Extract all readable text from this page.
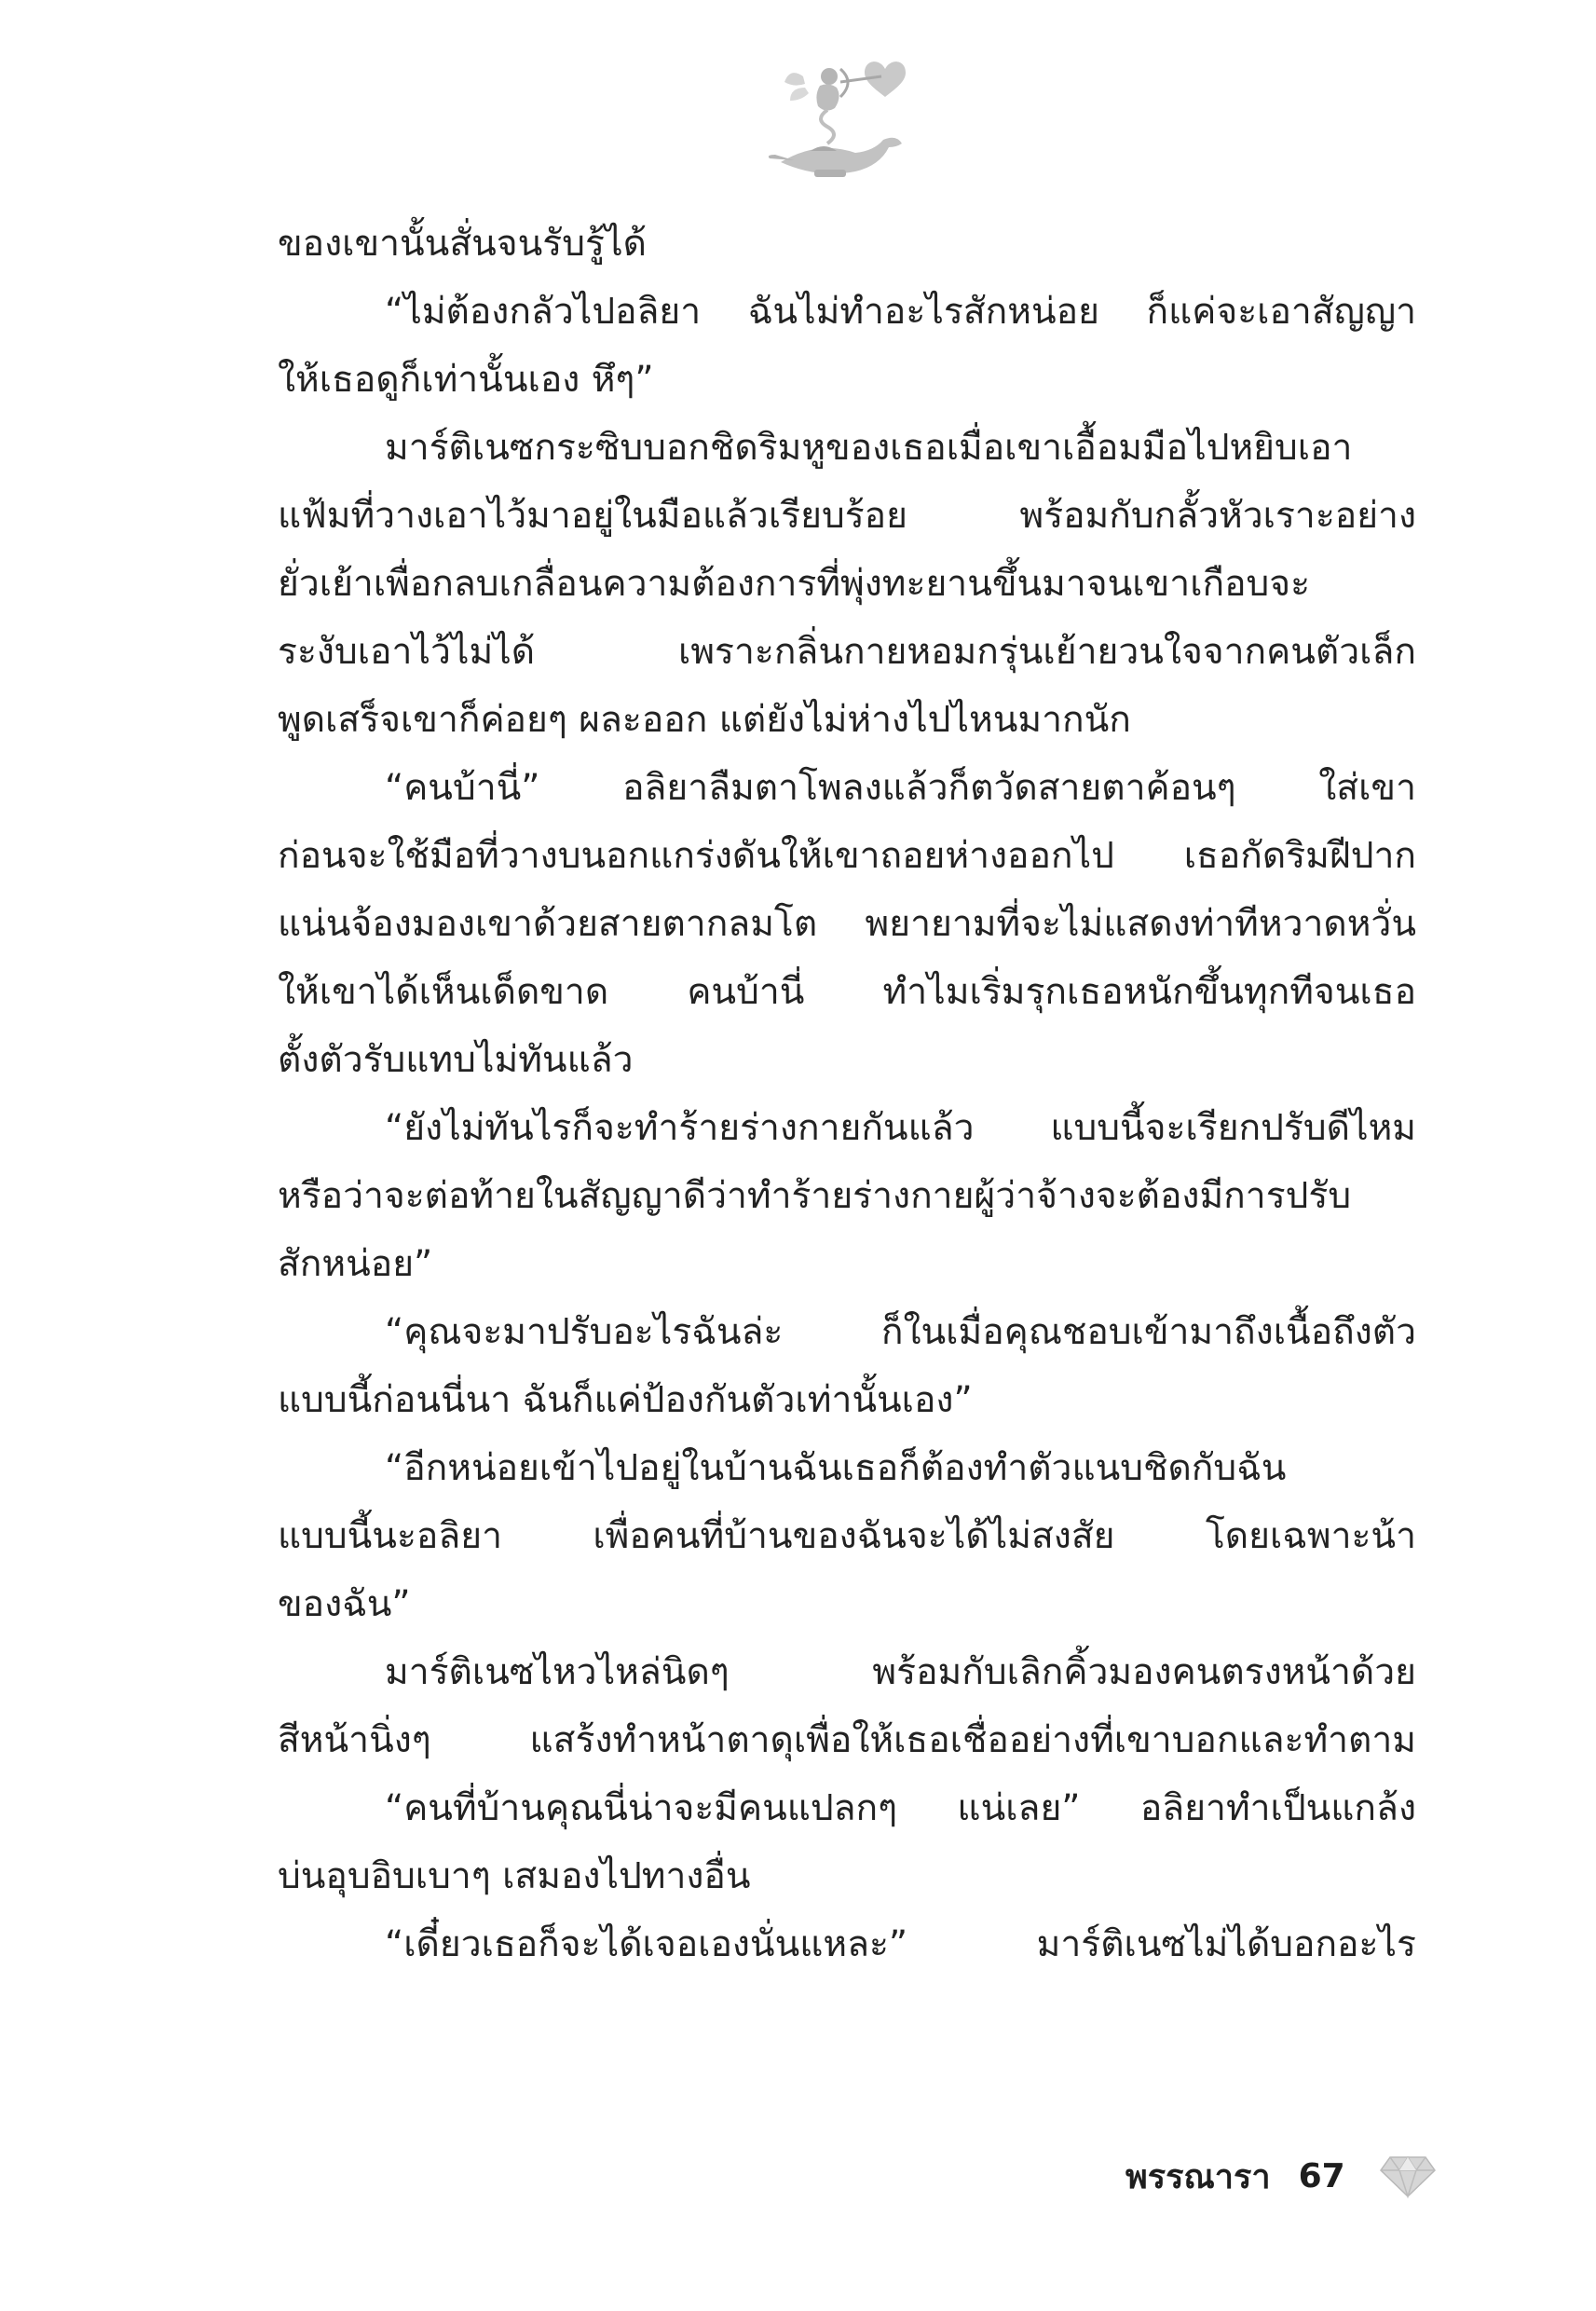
ของเขานั้นสั่นจนรับรู้ได้
“ไม่ต้องกลัวไปอลิยา ฉันไม่ทำอะไรสักหน่อย ก็แค่จะเอาสัญญา
ให้เธอดูก็เท่านั้นเอง หึๆ”
มาร์ติเนซกระซิบบอกชิดริมหูของเธอเมื่อเขาเอื้อมมือไปหยิบเอา
แฟ้มที่วางเอาไว้มาอยู่ในมือแล้วเรียบร้อย พร้อมกับกลั้วหัวเราะอย่าง
ยั่วเย้าเพื่อกลบเกลื่อนความต้องการที่พุ่งทะยานขึ้นมาจนเขาเกือบจะ
ระงับเอาไว้ไม่ได้ เพราะกลิ่นกายหอมกรุ่นเย้ายวนใจจากคนตัวเล็ก
พูดเสร็จเขาก็ค่อยๆ ผละออก แต่ยังไม่ห่างไปไหนมากนัก
“คนบ้านี่” อลิยาลืมตาโพลงแล้วก็ตวัดสายตาค้อนๆ ใส่เขา
ก่อนจะใช้มือที่วางบนอกแกร่งดันให้เขาถอยห่างออกไป เธอกัดริมฝีปาก
แน่นจ้องมองเขาด้วยสายตากลมโต พยายามที่จะไม่แสดงท่าทีหวาดหวั่น
ให้เขาได้เห็นเด็ดขาด คนบ้านี่ ทำไมเริ่มรุกเธอหนักขึ้นทุกทีจนเธอ
ตั้งตัวรับแทบไม่ทันแล้ว
“ยังไม่ทันไรก็จะทำร้ายร่างกายกันแล้ว แบบนี้จะเรียกปรับดีไหม
หรือว่าจะต่อท้ายในสัญญาดีว่าทำร้ายร่างกายผู้ว่าจ้างจะต้องมีการปรับ
สักหน่อย”
“คุณจะมาปรับอะไรฉันล่ะ ก็ในเมื่อคุณชอบเข้ามาถึงเนื้อถึงตัว
แบบนี้ก่อนนี่นา ฉันก็แค่ป้องกันตัวเท่านั้นเอง”
“อีกหน่อยเข้าไปอยู่ในบ้านฉันเธอก็ต้องทำตัวแนบชิดกับฉัน
แบบนี้นะอลิยา เพื่อคนที่บ้านของฉันจะได้ไม่สงสัย โดยเฉพาะน้า
ของฉัน”
มาร์ติเนซไหวไหล่นิดๆ พร้อมกับเลิกคิ้วมองคนตรงหน้าด้วย
สีหน้านิ่งๆ แสร้งทำหน้าตาดุเพื่อให้เธอเชื่ออย่างที่เขาบอกและทำตาม
“คนที่บ้านคุณนี่น่าจะมีคนแปลกๆ แน่เลย” อลิยาทำเป็นแกล้ง
บ่นอุบอิบเบาๆ เสมองไปทางอื่น
“เดี๋ยวเธอก็จะได้เจอเองนั่นแหละ” มาร์ติเนซไม่ได้บอกอะไร
พรรณารา 67
